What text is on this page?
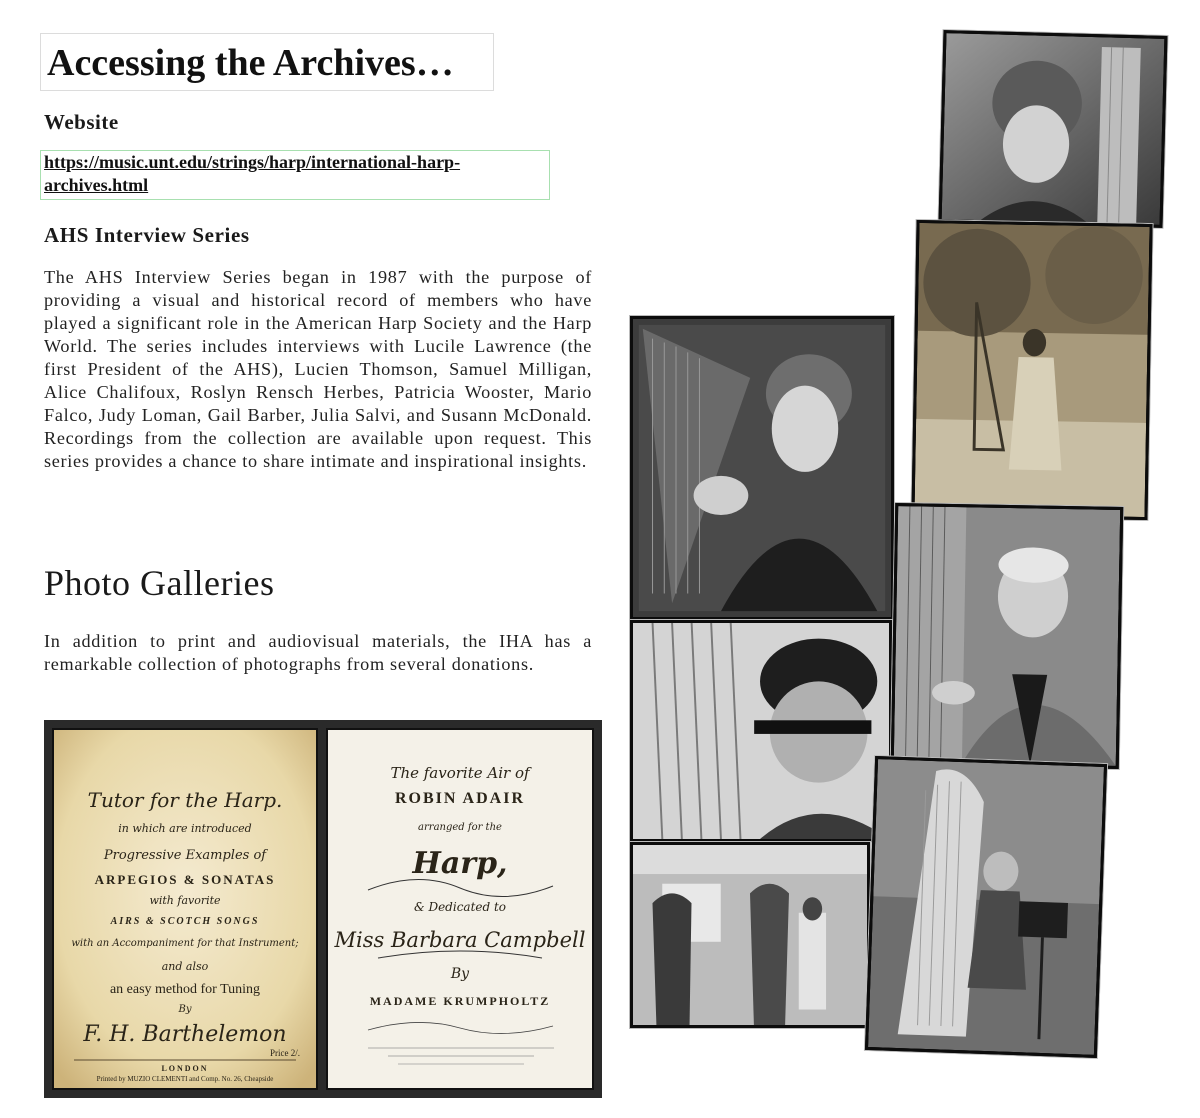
Accessing the Archives…
Website
https://music.unt.edu/strings/harp/international-harp-
archives.html
AHS Interview Series

The AHS Interview Series began in 1987 with the purpose of providing a visual and historical record of members who have played a significant role in the American Harp Society and the Harp World. The series includes interviews with Lucile Lawrence (the first President of the AHS), Lucien Thomson, Samuel Milligan, Alice Chalifoux, Roslyn Rensch Herbes, Patricia Wooster, Mario Falco, Judy Loman, Gail Barber, Julia Salvi, and Susann McDonald. Recordings from the collection are available upon request. This series provides a chance to share intimate and inspirational insights.

Photo Galleries

In addition to print and audiovisual materials, the IHA has a remarkable collection of photographs from several donations.

Tutor for the Harp.
in which are introduced
Progressive Examples of
ARPEGIOS & SONATAS
with favorite
AIRS & SCOTCH SONGS
with an Accompaniment for that Instrument;
and also
an easy method for Tuning
By
F. H. Barthelemon
Price 2/.
LONDON
Printed by MUZIO CLEMENTI and Comp. No. 26, Cheapside
The favorite Air of
ROBIN ADAIR
arranged for the
Harp,
& Dedicated to
Miss Barbara Campbell
By
MADAME KRUMPHOLTZ
